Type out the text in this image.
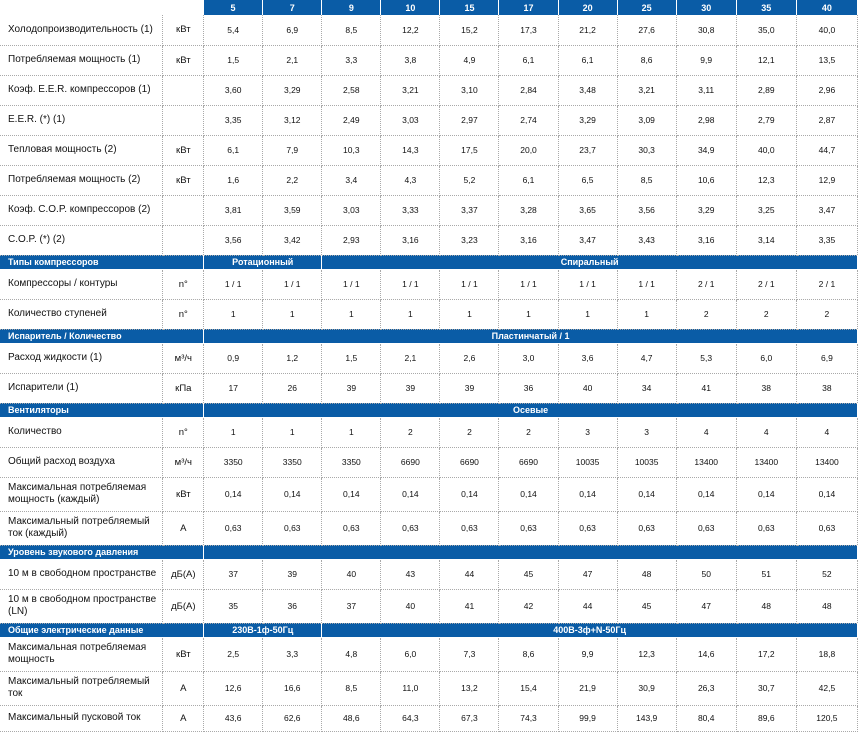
		5	7	9	10	15	17	20	25	30	35	40
Холодопроизводительность (1)	кВт	5,4	6,9	8,5	12,2	15,2	17,3	21,2	27,6	30,8	35,0	40,0
Потребляемая мощность (1)	кВт	1,5	2,1	3,3	3,8	4,9	6,1	6,1	8,6	9,9	12,1	13,5
Коэф. E.E.R. компрессоров (1)		3,60	3,29	2,58	3,21	3,10	2,84	3,48	3,21	3,11	2,89	2,96
E.E.R. (*) (1)		3,35	3,12	2,49	3,03	2,97	2,74	3,29	3,09	2,98	2,79	2,87
Тепловая мощность (2)	кВт	6,1	7,9	10,3	14,3	17,5	20,0	23,7	30,3	34,9	40,0	44,7
Потребляемая мощность (2)	кВт	1,6	2,2	3,4	4,3	5,2	6,1	6,5	8,5	10,6	12,3	12,9
Коэф. C.O.P. компрессоров (2)		3,81	3,59	3,03	3,33	3,37	3,28	3,65	3,56	3,29	3,25	3,47
C.O.P. (*) (2)		3,56	3,42	2,93	3,16	3,23	3,16	3,47	3,43	3,16	3,14	3,35
Типы компрессоров		Ротационный		Спиральный								
Компрессоры / контуры	n°	1 / 1	1 / 1	1 / 1	1 / 1	1 / 1	1 / 1	1 / 1	1 / 1	2 / 1	2 / 1	2 / 1
Количество ступеней	n°	1	1	1	1	1	1	1	1	2	2	2
Испаритель / Количество		Пластинчатый / 1										
Расход жидкости (1)	м³/ч	0,9	1,2	1,5	2,1	2,6	3,0	3,6	4,7	5,3	6,0	6,9
Испарители (1)	кПа	17	26	39	39	39	36	40	34	41	38	38
Вентиляторы		Осевые										
Количество	n°	1	1	1	2	2	2	3	3	4	4	4
Общий расход воздуха	м³/ч	3350	3350	3350	6690	6690	6690	10035	10035	13400	13400	13400
Максимальная потребляемая мощность (каждый)	кВт	0,14	0,14	0,14	0,14	0,14	0,14	0,14	0,14	0,14	0,14	0,14
Максимальный потребляемый ток (каждый)	A	0,63	0,63	0,63	0,63	0,63	0,63	0,63	0,63	0,63	0,63	0,63
Уровень звукового давления												
10 м в свободном пространстве	дБ(A)	37	39	40	43	44	45	47	48	50	51	52
10 м в свободном пространстве (LN)	дБ(A)	35	36	37	40	41	42	44	45	47	48	48
Общие электрические данные		230В-1ф-50Гц		400В-3ф+N-50Гц								
Максимальная потребляемая мощность	кВт	2,5	3,3	4,8	6,0	7,3	8,6	9,9	12,3	14,6	17,2	18,8
Максимальный потребляемый ток	A	12,6	16,6	8,5	11,0	13,2	15,4	21,9	30,9	26,3	30,7	42,5
Максимальный пусковой ток	A	43,6	62,6	48,6	64,3	67,3	74,3	99,9	143,9	80,4	89,6	120,5
